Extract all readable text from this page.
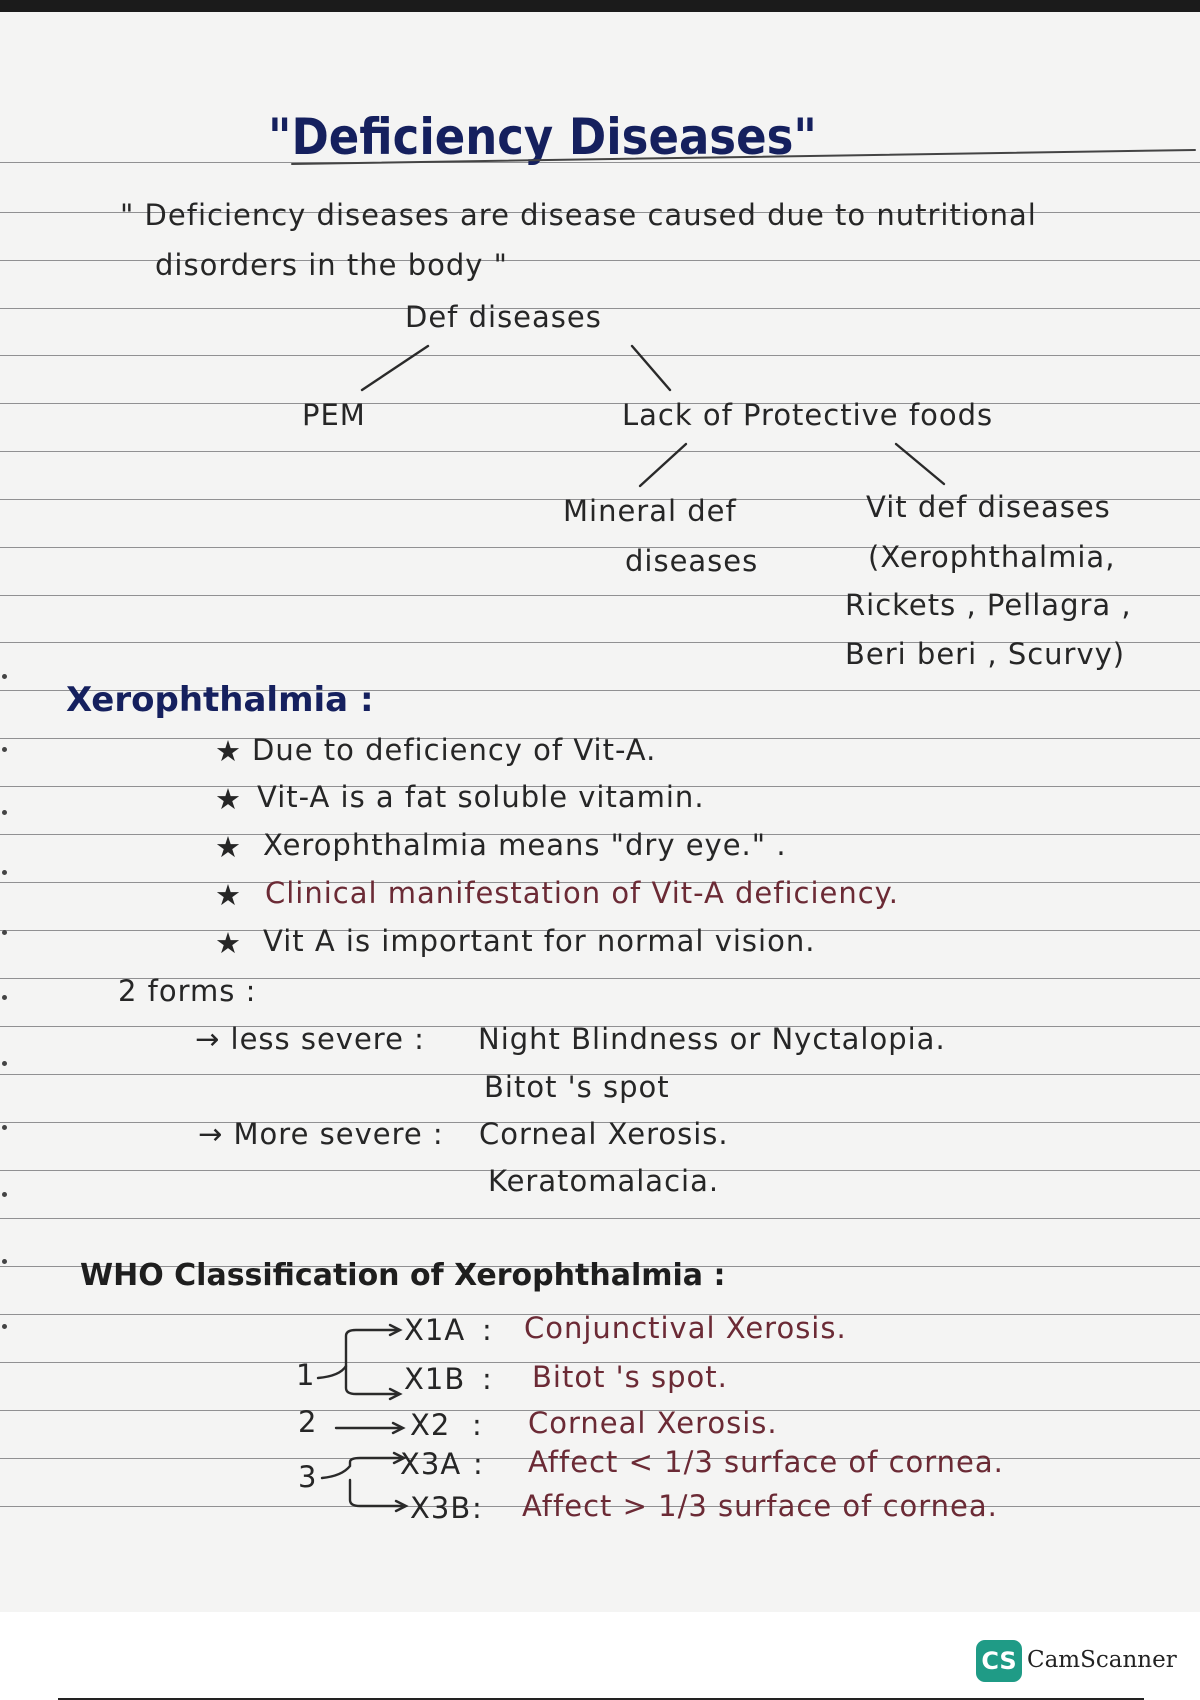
"Deficiency Diseases"
" Deficiency diseases are disease caused due to nutritional
disorders in the body "
Def diseases
PEM	Lack of Protective foods
Mineral def
diseases
Vit def diseases
(Xerophthalmia,
Rickets , Pellagra ,
Beri beri , Scurvy)
Xerophthalmia :
★ Due to deficiency of Vit-A.
★ Vit-A is a fat soluble vitamin.
★ Xerophthalmia means "dry eye." .
★ Clinical manifestation of Vit-A deficiency.
★ Vit A is important for normal vision.
2 forms :
→ less severe : Night Blindness or Nyctalopia.
Bitot 's spot
→ More severe : Corneal Xerosis.
Keratomalacia.
WHO Classification of Xerophthalmia :
1
2
3
X1A
X1B
X2
X3A
X3B
:
:
:
:
:
Conjunctival Xerosis.
Bitot 's spot.
Corneal Xerosis.
Affect < 1/3 surface of cornea.
Affect > 1/3 surface of cornea.
CS CamScanner
